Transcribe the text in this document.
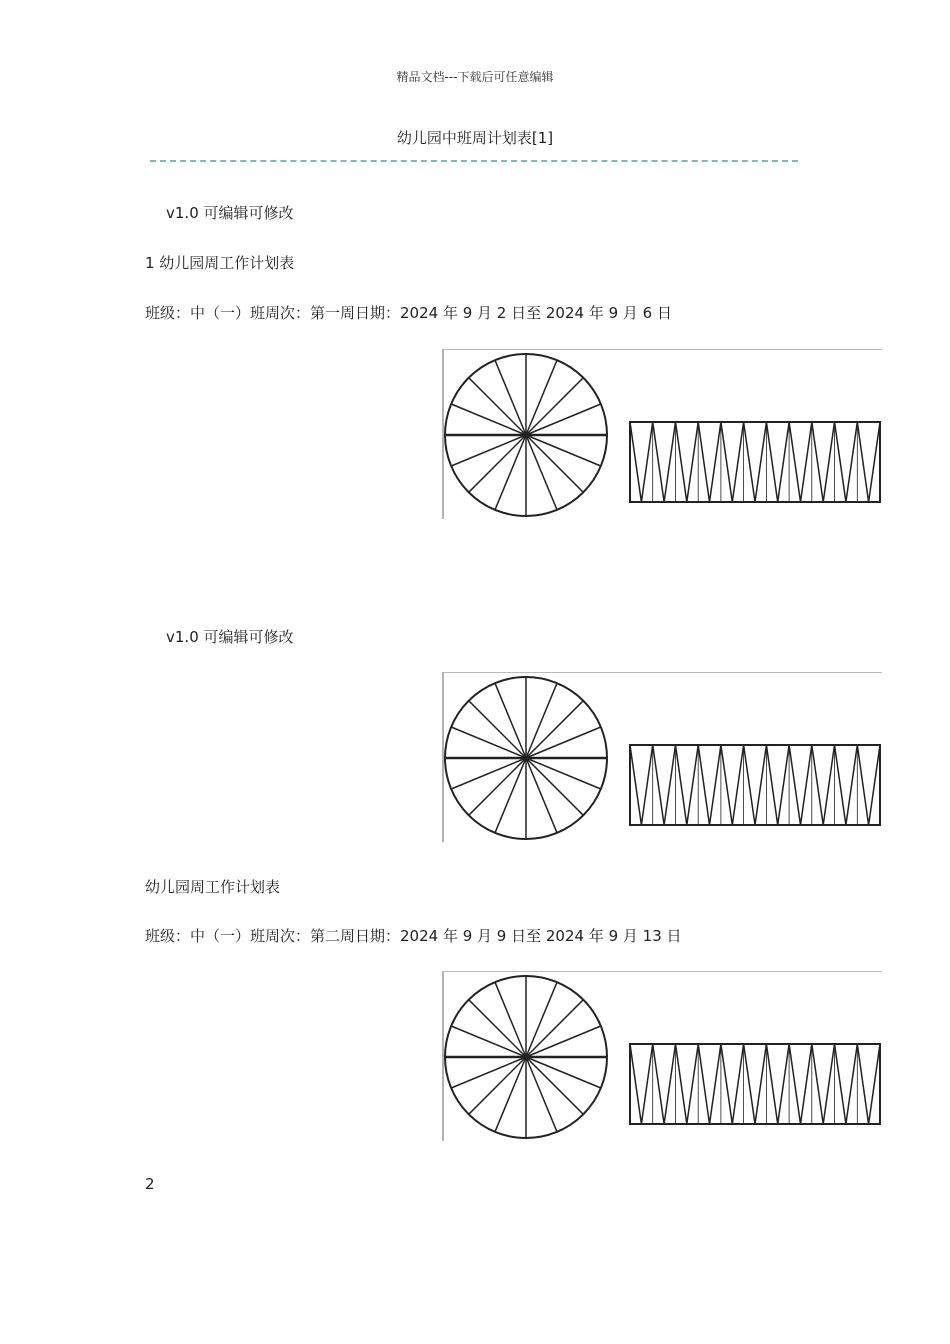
精品文档---下载后可任意编辑
幼儿园中班周计划表[1]
v1.0 可编辑可修改
1 幼儿园周工作计划表
班级：中（一）班周次：第一周日期：2024 年 9 月 2 日至 2024 年 9 月 6 日
v1.0 可编辑可修改
幼儿园周工作计划表
班级：中（一）班周次：第二周日期：2024 年 9 月 9 日至 2024 年 9 月 13 日
2
